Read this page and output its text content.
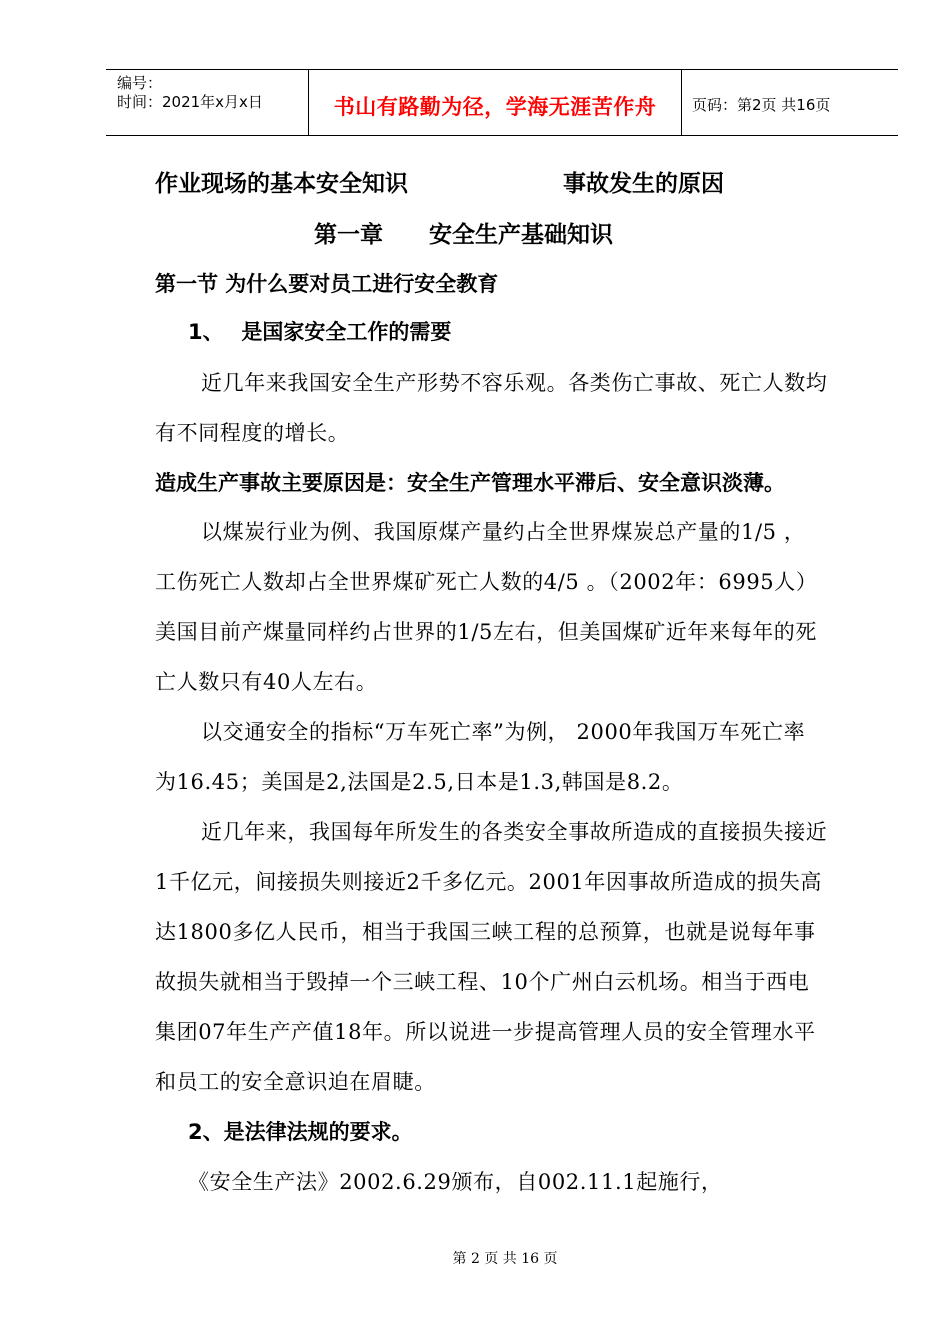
编号：
时间：2021年x月x日	书山有路勤为径，学海无涯苦作舟	页码：第2页 共16页
作业现场的基本安全知识	事故发生的原因
第一章　　安全生产基础知识
第一节 为什么要对员工进行安全教育
1、　 是国家安全工作的需要
近几年来我国安全生产形势不容乐观。各类伤亡事故、死亡人数均
有不同程度的增长。
造成生产事故主要原因是：安全生产管理水平滞后、安全意识淡薄。
以煤炭行业为例、我国原煤产量约占全世界煤炭总产量的1/5 ，
工伤死亡人数却占全世界煤矿死亡人数的4/5 。（2002年：6995人）
美国目前产煤量同样约占世界的1/5左右，但美国煤矿近年来每年的死
亡人数只有40人左右。
以交通安全的指标“万车死亡率”为例， 2000年我国万车死亡率
为16.45；美国是2,法国是2.5,日本是1.3,韩国是8.2。
近几年来，我国每年所发生的各类安全事故所造成的直接损失接近
1千亿元，间接损失则接近2千多亿元。2001年因事故所造成的损失高
达1800多亿人民币，相当于我国三峡工程的总预算，也就是说每年事
故损失就相当于毁掉一个三峡工程、10个广州白云机场。相当于西电
集团07年生产产值18年。所以说进一步提高管理人员的安全管理水平
和员工的安全意识迫在眉睫。
2、是法律法规的要求。
《安全生产法》2002.6.29颁布，自002.11.1起施行，
第 2 页 共 16 页
